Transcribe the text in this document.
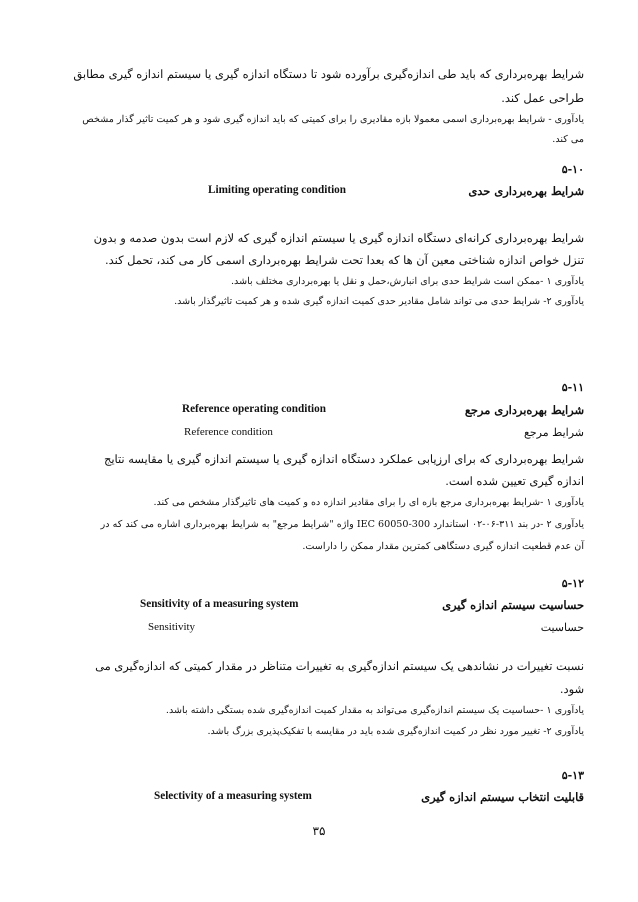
شرایط بهره‌برداری که باید طی اندازه‌گیری برآورده شود تا دستگاه اندازه گیری یا سیستم اندازه گیری مطابق
طراحی عمل کند.
یادآوری - شرایط بهره‌برداری اسمی معمولا بازه مقادیری را برای کمیتی که باید اندازه گیری شود و هر کمیت تاثیر گذار مشخص
می کند.
۵-۱۰
شرایط بهره‌برداری حدی
Limiting operating condition
شرایط بهره‌برداری کرانه‌ای دستگاه اندازه گیری یا سیستم اندازه گیری که لازم است بدون صدمه و بدون
تنزل خواص اندازه شناختی معین آن ها که بعدا تحت شرایط بهره‌برداری اسمی کار می کند، تحمل کند.
یادآوری ۱ -ممکن است شرایط حدی برای انبارش،حمل و نقل یا بهره‌برداری مختلف باشد.
یادآوری ۲- شرایط حدی می تواند شامل مقادیر حدی کمیت اندازه گیری شده و هر کمیت تاثیرگذار باشد.
۵-۱۱
شرایط بهره‌برداری مرجع
Reference operating condition
شرایط مرجع
Reference condition
شرایط بهره‌برداری که برای ارزیابی عملکرد دستگاه اندازه گیری یا سیستم اندازه گیری یا مقایسه نتایج
اندازه گیری تعیین شده است.
یادآوری ۱ -شرایط بهره‌برداری مرجع بازه ای را برای مقادیر اندازه ده و کمیت های تاثیرگذار مشخص می کند.
یادآوری ۲ -در بند ۳۱۱-۰۶-۰۲ استاندارد IEC 60050-300 واژه "شرایط مرجع" به شرایط بهره‌برداری اشاره می کند که در
آن عدم قطعیت اندازه گیری دستگاهی کمترین مقدار ممکن را داراست.
۵-۱۲
حساسیت سیستم اندازه گیری
Sensitivity of a measuring system
حساسیت
Sensitivity
نسبت تغییرات در نشاندهی یک سیستم اندازه‌گیری به تغییرات متناظر در مقدار کمیتی که اندازه‌گیری می
شود.
یادآوری ۱ -حساسیت یک سیستم اندازه‌گیری می‌تواند به مقدار کمیت اندازه‌گیری شده بستگی داشته باشد.
یادآوری ۲- تغییر مورد نظر در کمیت اندازه‌گیری شده باید در مقایسه با تفکیک‌پذیری بزرگ باشد.
۵-۱۳
قابلیت انتخاب سیستم اندازه گیری
Selectivity of a measuring system
۳۵
